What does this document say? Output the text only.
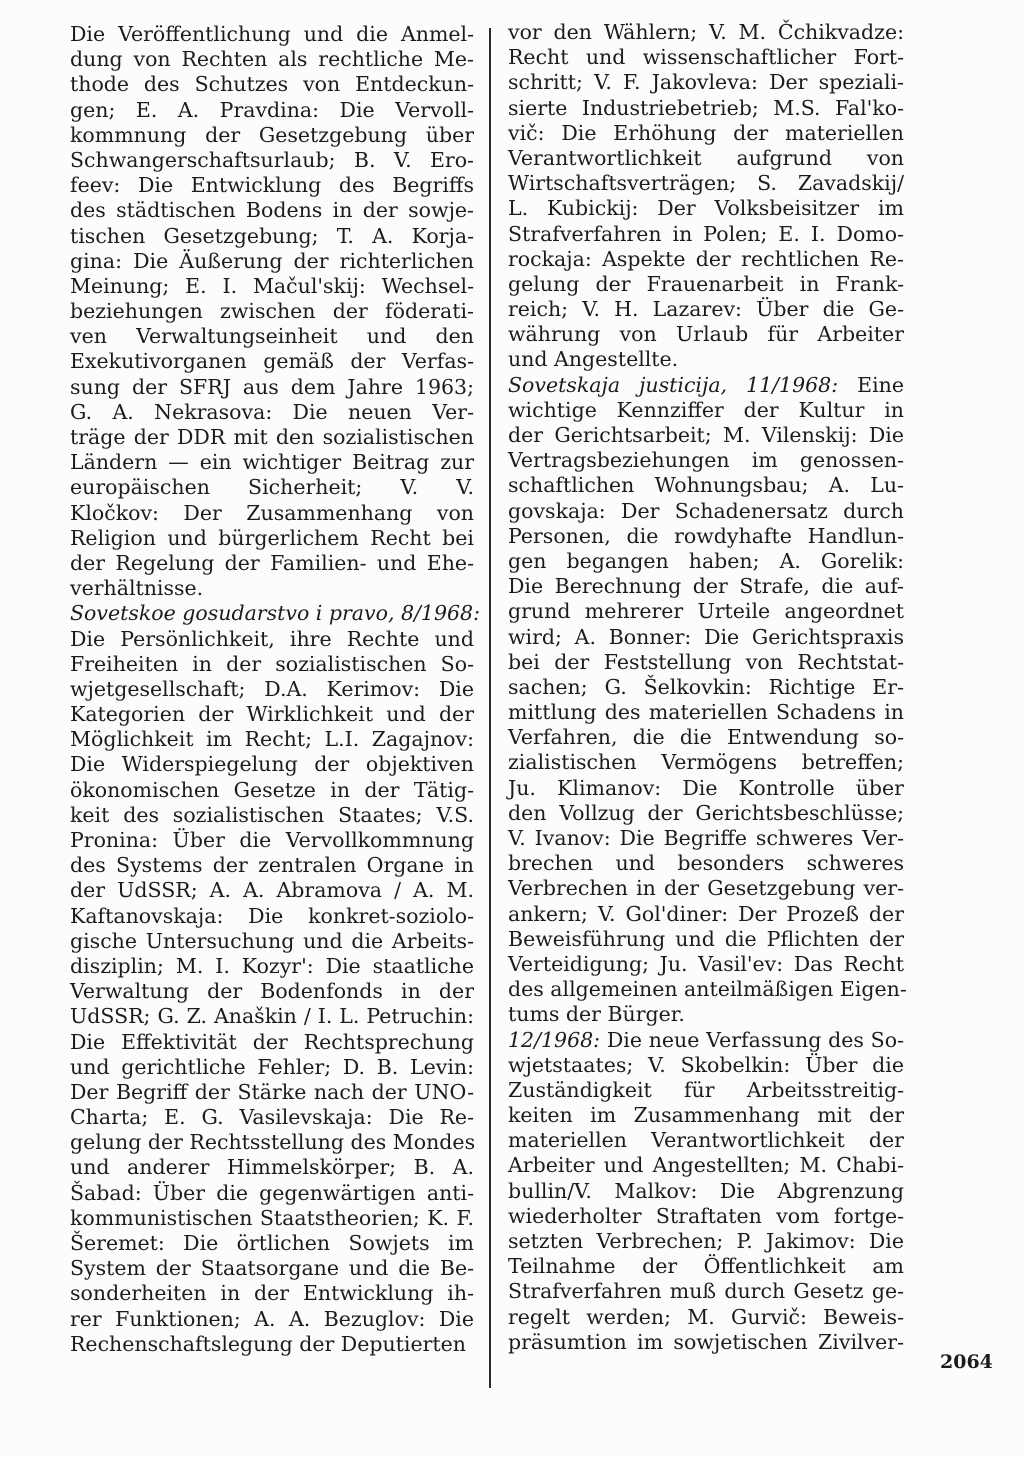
Die Veröffentlichung und die Anmel-
dung von Rechten als rechtliche Me-
thode des Schutzes von Entdeckun-
gen; E. A. Pravdina: Die Vervoll-
kommnung der Gesetzgebung über
Schwangerschaftsurlaub; B. V. Ero-
feev: Die Entwicklung des Begriffs
des städtischen Bodens in der sowje-
tischen Gesetzgebung; T. A. Korja-
gina: Die Äußerung der richterlichen
Meinung; E. I. Mačul'skij: Wechsel-
beziehungen zwischen der föderati-
ven Verwaltungseinheit und den
Exekutivorganen gemäß der Verfas-
sung der SFRJ aus dem Jahre 1963;
G. A. Nekrasova: Die neuen Ver-
träge der DDR mit den sozialistischen
Ländern — ein wichtiger Beitrag zur
europäischen Sicherheit; V. V.
Kločkov: Der Zusammenhang von
Religion und bürgerlichem Recht bei
der Regelung der Familien- und Ehe-
verhältnisse.
Sovetskoe gosudarstvo i pravo, 8/1968:
Die Persönlichkeit, ihre Rechte und
Freiheiten in der sozialistischen So-
wjetgesellschaft; D.A. Kerimov: Die
Kategorien der Wirklichkeit und der
Möglichkeit im Recht; L.I. Zagajnov:
Die Widerspiegelung der objektiven
ökonomischen Gesetze in der Tätig-
keit des sozialistischen Staates; V.S.
Pronina: Über die Vervollkommnung
des Systems der zentralen Organe in
der UdSSR; A. A. Abramova / A. M.
Kaftanovskaja: Die konkret-soziolo-
gische Untersuchung und die Arbeits-
disziplin; M. I. Kozyr': Die staatliche
Verwaltung der Bodenfonds in der
UdSSR; G. Z. Anaškin / I. L. Petruchin:
Die Effektivität der Rechtsprechung
und gerichtliche Fehler; D. B. Levin:
Der Begriff der Stärke nach der UNO-
Charta; E. G. Vasilevskaja: Die Re-
gelung der Rechtsstellung des Mondes
und anderer Himmelskörper; B. A.
Šabad: Über die gegenwärtigen anti-
kommunistischen Staatstheorien; K. F.
Šeremet: Die örtlichen Sowjets im
System der Staatsorgane und die Be-
sonderheiten in der Entwicklung ih-
rer Funktionen; A. A. Bezuglov: Die
Rechenschaftslegung der Deputierten
vor den Wählern; V. M. Čchikvadze:
Recht und wissenschaftlicher Fort-
schritt; V. F. Jakovleva: Der speziali-
sierte Industriebetrieb; M.S. Fal'ko-
vič: Die Erhöhung der materiellen
Verantwortlichkeit aufgrund von
Wirtschaftsverträgen; S. Zavadskij/
L. Kubickij: Der Volksbeisitzer im
Strafverfahren in Polen; E. I. Domo-
rockaja: Aspekte der rechtlichen Re-
gelung der Frauenarbeit in Frank-
reich; V. H. Lazarev: Über die Ge-
währung von Urlaub für Arbeiter
und Angestellte.
Sovetskaja justicija, 11/1968: Eine
wichtige Kennziffer der Kultur in
der Gerichtsarbeit; M. Vilenskij: Die
Vertragsbeziehungen im genossen-
schaftlichen Wohnungsbau; A. Lu-
govskaja: Der Schadenersatz durch
Personen, die rowdyhafte Handlun-
gen begangen haben; A. Gorelik:
Die Berechnung der Strafe, die auf-
grund mehrerer Urteile angeordnet
wird; A. Bonner: Die Gerichtspraxis
bei der Feststellung von Rechtstat-
sachen; G. Šelkovkin: Richtige Er-
mittlung des materiellen Schadens in
Verfahren, die die Entwendung so-
zialistischen Vermögens betreffen;
Ju. Klimanov: Die Kontrolle über
den Vollzug der Gerichtsbeschlüsse;
V. Ivanov: Die Begriffe schweres Ver-
brechen und besonders schweres
Verbrechen in der Gesetzgebung ver-
ankern; V. Gol'diner: Der Prozeß der
Beweisführung und die Pflichten der
Verteidigung; Ju. Vasil'ev: Das Recht
des allgemeinen anteilmäßigen Eigen-
tums der Bürger.
12/1968: Die neue Verfassung des So-
wjetstaates; V. Skobelkin: Über die
Zuständigkeit für Arbeitsstreitig-
keiten im Zusammenhang mit der
materiellen Verantwortlichkeit der
Arbeiter und Angestellten; M. Chabi-
bullin/V. Malkov: Die Abgrenzung
wiederholter Straftaten vom fortge-
setzten Verbrechen; P. Jakimov: Die
Teilnahme der Öffentlichkeit am
Strafverfahren muß durch Gesetz ge-
regelt werden; M. Gurvič: Beweis-
präsumtion im sowjetischen Zivilver-
2064
